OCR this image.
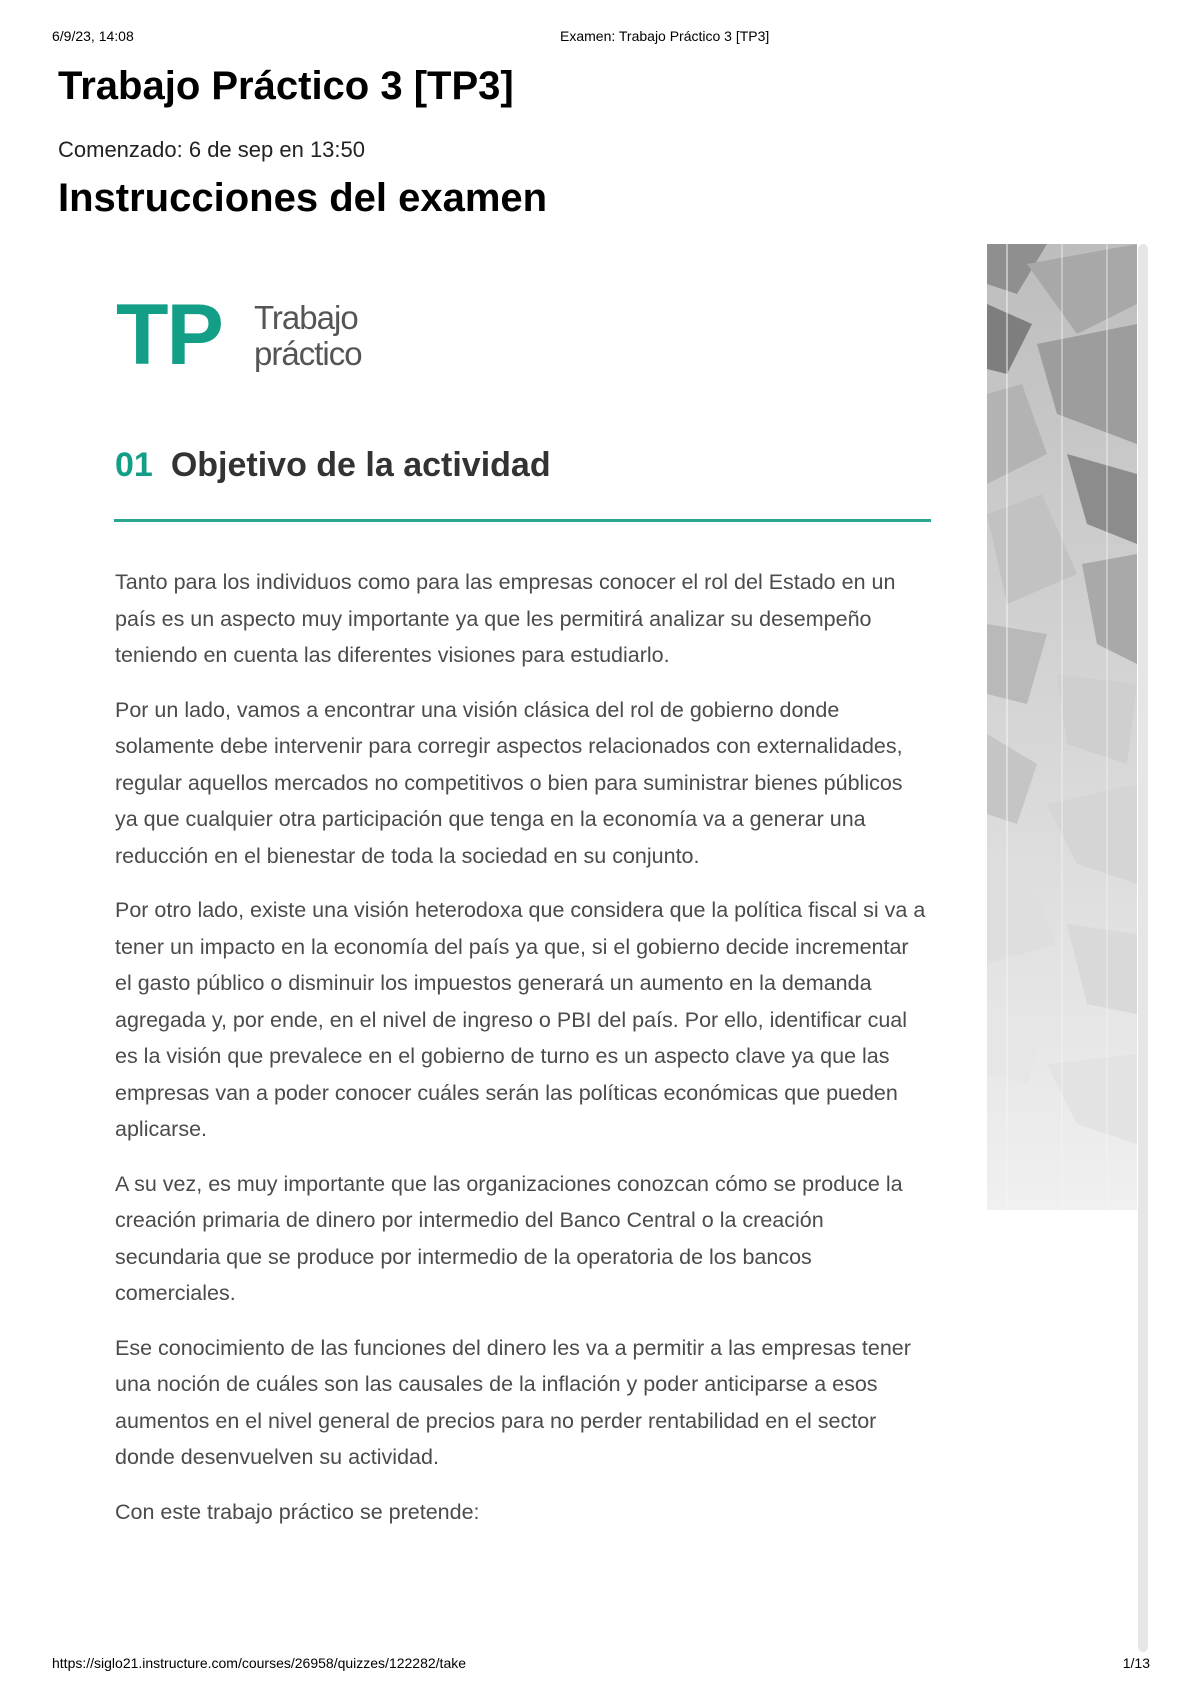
6/9/23, 14:08	Examen: Trabajo Práctico 3 [TP3]
Trabajo Práctico 3 [TP3]
Comenzado: 6 de sep en 13:50
Instrucciones del examen
TP Trabajo
práctico
01 Objetivo de la actividad

Tanto para los individuos como para las empresas conocer el rol del Estado en un país es un aspecto muy importante ya que les permitirá analizar su desempeño teniendo en cuenta las diferentes visiones para estudiarlo.

Por un lado, vamos a encontrar una visión clásica del rol de gobierno donde solamente debe intervenir para corregir aspectos relacionados con externalidades, regular aquellos mercados no competitivos o bien para suministrar bienes públicos ya que cualquier otra participación que tenga en la economía va a generar una reducción en el bienestar de toda la sociedad en su conjunto.

Por otro lado, existe una visión heterodoxa que considera que la política fiscal si va a tener un impacto en la economía del país ya que, si el gobierno decide incrementar el gasto público o disminuir los impuestos generará un aumento en la demanda agregada y, por ende, en el nivel de ingreso o PBI del país. Por ello, identificar cual es la visión que prevalece en el gobierno de turno es un aspecto clave ya que las empresas van a poder conocer cuáles serán las políticas económicas que pueden aplicarse.

A su vez, es muy importante que las organizaciones conozcan cómo se produce la creación primaria de dinero por intermedio del Banco Central o la creación secundaria que se produce por intermedio de la operatoria de los bancos comerciales.

Ese conocimiento de las funciones del dinero les va a permitir a las empresas tener una noción de cuáles son las causales de la inflación y poder anticiparse a esos aumentos en el nivel general de precios para no perder rentabilidad en el sector donde desenvuelven su actividad.

Con este trabajo práctico se pretende:

https://siglo21.instructure.com/courses/26958/quizzes/122282/take	1/13
